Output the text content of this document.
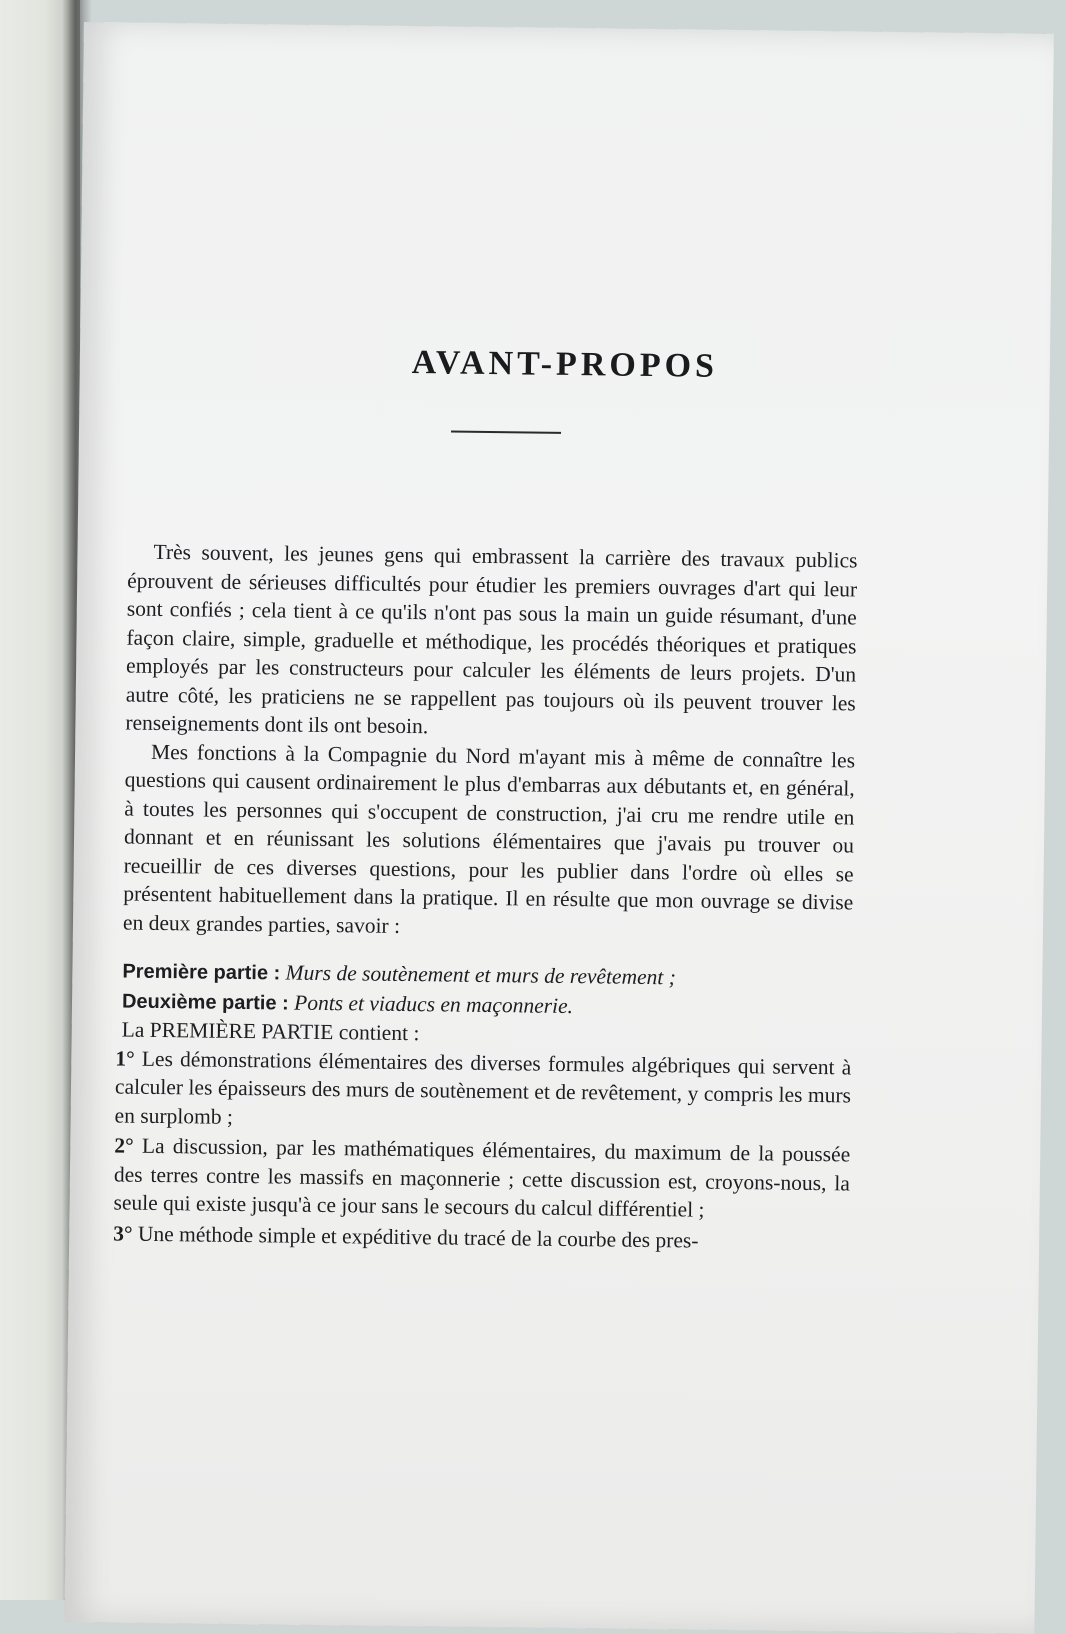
AVANT-PROPOS

Très souvent, les jeunes gens qui embrassent la carrière des travaux publics éprouvent de sérieuses difficultés pour étudier les premiers ouvrages d'art qui leur sont confiés ; cela tient à ce qu'ils n'ont pas sous la main un guide résumant, d'une façon claire, simple, graduelle et méthodique, les procédés théoriques et pratiques employés par les constructeurs pour calculer les éléments de leurs projets. D'un autre côté, les praticiens ne se rappellent pas toujours où ils peuvent trouver les renseignements dont ils ont besoin.

Mes fonctions à la Compagnie du Nord m'ayant mis à même de connaître les questions qui causent ordinairement le plus d'embarras aux débutants et, en général, à toutes les personnes qui s'occupent de construction, j'ai cru me rendre utile en donnant et en réunissant les solutions élémentaires que j'avais pu trouver ou recueillir de ces diverses questions, pour les publier dans l'ordre où elles se présentent habituellement dans la pratique. Il en résulte que mon ouvrage se divise en deux grandes parties, savoir :

Première partie : Murs de soutènement et murs de revêtement ;

Deuxième partie : Ponts et viaducs en maçonnerie.

La PREMIÈRE PARTIE contient :

1° Les démonstrations élémentaires des diverses formules algébriques qui servent à calculer les épaisseurs des murs de soutènement et de revêtement, y compris les murs en surplomb ;

2° La discussion, par les mathématiques élémentaires, du maximum de la poussée des terres contre les massifs en maçonnerie ; cette discussion est, croyons-nous, la seule qui existe jusqu'à ce jour sans le secours du calcul différentiel ;

3° Une méthode simple et expéditive du tracé de la courbe des pres-
